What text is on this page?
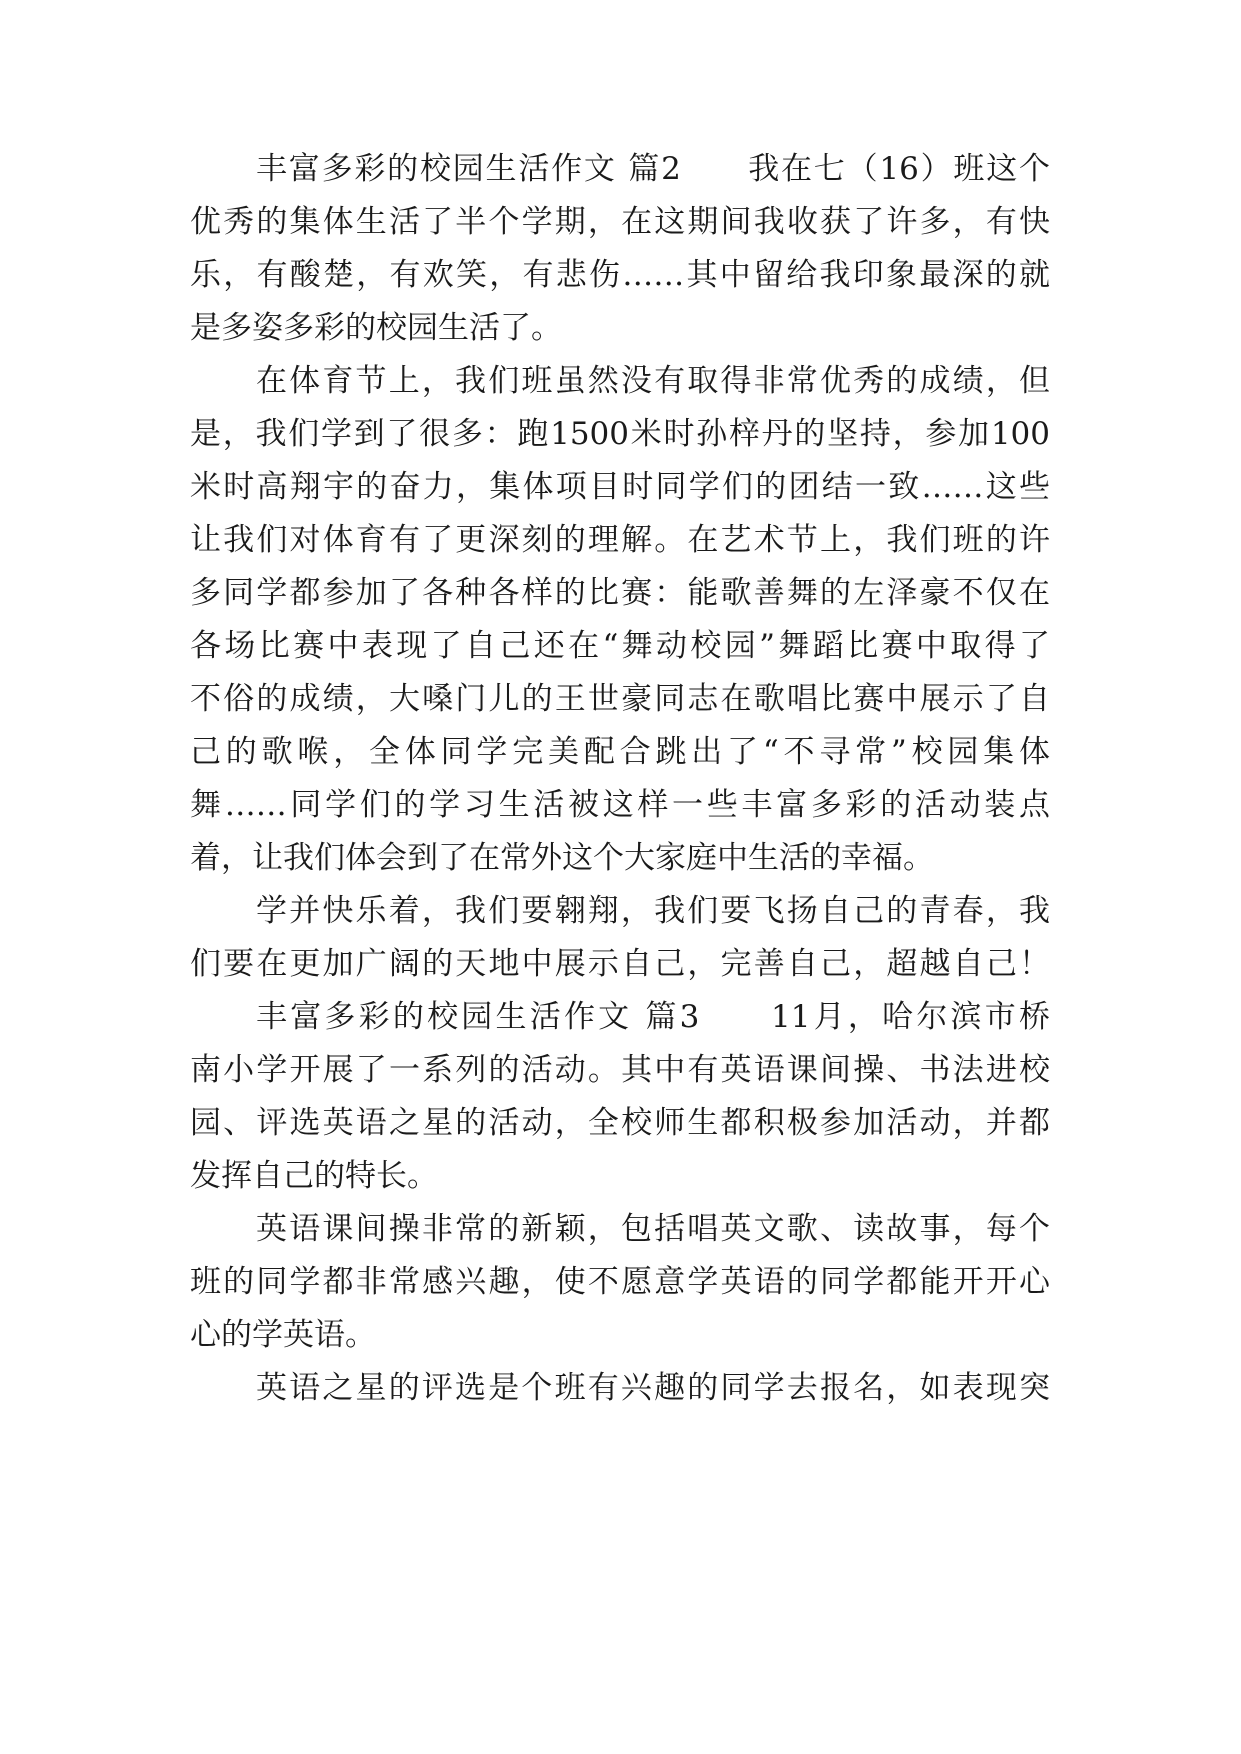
丰富多彩的校园生活作文 篇2　　我在七（16）班这个
优秀的集体生活了半个学期，在这期间我收获了许多，有快
乐，有酸楚，有欢笑，有悲伤……其中留给我印象最深的就
是多姿多彩的校园生活了。
在体育节上，我们班虽然没有取得非常优秀的成绩，但
是，我们学到了很多：跑1500米时孙梓丹的坚持，参加100
米时高翔宇的奋力，集体项目时同学们的团结一致……这些
让我们对体育有了更深刻的理解。在艺术节上，我们班的许
多同学都参加了各种各样的比赛：能歌善舞的左泽豪不仅在
各场比赛中表现了自己还在“舞动校园”舞蹈比赛中取得了
不俗的成绩，大嗓门儿的王世豪同志在歌唱比赛中展示了自
己的歌喉，全体同学完美配合跳出了“不寻常”校园集体
舞……同学们的学习生活被这样一些丰富多彩的活动装点
着，让我们体会到了在常外这个大家庭中生活的幸福。
学并快乐着，我们要翱翔，我们要飞扬自己的青春，我
们要在更加广阔的天地中展示自己，完善自己，超越自己！
丰富多彩的校园生活作文 篇3　　11月，哈尔滨市桥
南小学开展了一系列的活动。其中有英语课间操、书法进校
园、评选英语之星的活动，全校师生都积极参加活动，并都
发挥自己的特长。
英语课间操非常的新颖，包括唱英文歌、读故事，每个
班的同学都非常感兴趣，使不愿意学英语的同学都能开开心
心的学英语。
英语之星的评选是个班有兴趣的同学去报名，如表现突
